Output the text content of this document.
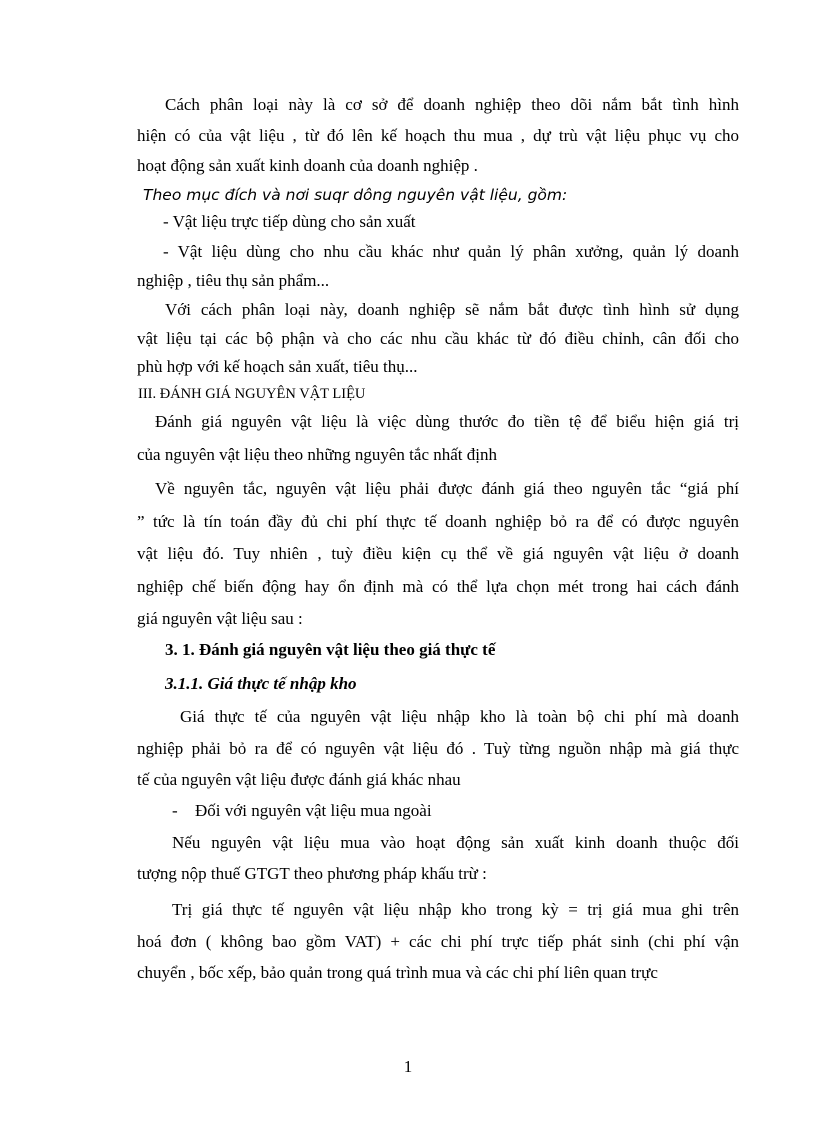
Cách phân loại này là cơ sở để doanh nghiệp theo dõi nắm bắt tình hình
hiện có của vật liệu , từ đó lên kế hoạch thu mua , dự trù vật liệu phục vụ cho
hoạt động sản xuất kinh doanh của doanh nghiệp .
Theo mục đích và nơi suqr dông nguyên vật liệu, gồm:
- Vật liệu trực tiếp dùng cho sản xuất
- Vật liệu dùng cho nhu cầu khác như quản lý phân xưởng, quản lý doanh
nghiệp , tiêu thụ sản phẩm...
Với cách phân loại này, doanh nghiệp sẽ nắm bắt được tình hình sử dụng
vật liệu tại các bộ phận và cho các nhu cầu khác từ đó điều chỉnh, cân đối cho
phù hợp với kế hoạch sản xuất, tiêu thụ...
III. ĐÁNH GIÁ NGUYÊN VẬT LIỆU
Đánh giá nguyên vật liệu là việc dùng thước đo tiền tệ để biểu hiện giá trị
của nguyên vật liệu theo những nguyên tắc nhất định
Về nguyên tắc, nguyên vật liệu phải được đánh giá theo nguyên tắc “giá phí
” tức là tín toán đầy đủ chi phí thực tế doanh nghiệp bỏ ra để có được nguyên
vật liệu đó. Tuy nhiên , tuỳ điều kiện cụ thể về giá nguyên vật liệu ở doanh
nghiệp chế biến động hay ổn định mà có thể lựa chọn mét trong hai cách đánh
giá nguyên vật liệu sau :
3. 1. Đánh giá nguyên vật liệu theo giá thực tế
3.1.1. Giá thực tế nhập kho
Giá thực tế của nguyên vật liệu nhập kho là toàn bộ chi phí mà doanh
nghiệp phải bỏ ra để có nguyên vật liệu đó . Tuỳ từng nguồn nhập mà giá thực
tế của nguyên vật liệu được đánh giá khác nhau
- Đối với nguyên vật liệu mua ngoài
Nếu nguyên vật liệu mua vào hoạt động sản xuất kinh doanh thuộc đối
tượng nộp thuế GTGT theo phương pháp khấu trừ :
Trị giá thực tế nguyên vật liệu nhập kho trong kỳ = trị giá mua ghi trên
hoá đơn ( không bao gồm VAT) + các chi phí trực tiếp phát sinh (chi phí vận
chuyển , bốc xếp, bảo quản trong quá trình mua và các chi phí liên quan trực
1
